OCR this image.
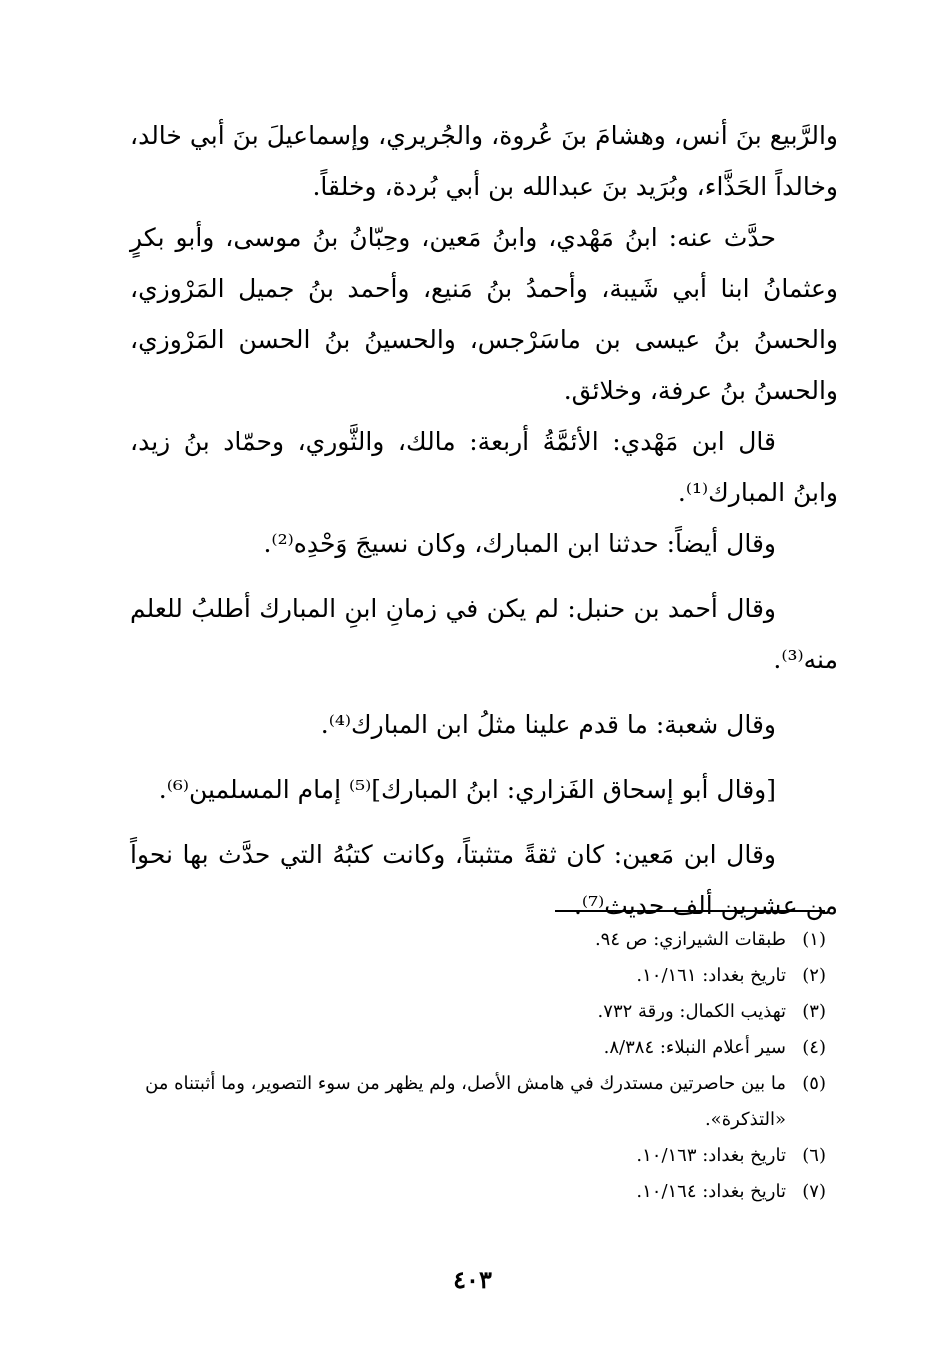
والرَّبيع بنَ أنس، وهشامَ بنَ عُروة، والجُريري، وإسماعيلَ بنَ أبي خالد، وخالداً الحَذَّاء، وبُرَيد بنَ عبدالله بن أبي بُردة، وخلقاً.

حدَّث عنه: ابنُ مَهْدي، وابنُ مَعين، وحِبّانُ بنُ موسى، وأبو بكرٍ وعثمانُ ابنا أبي شَيبة، وأحمدُ بنُ مَنيع، وأحمد بنُ جميل المَرْوزي، والحسنُ بنُ عيسى بن ماسَرْجس، والحسينُ بنُ الحسن المَرْوزي، والحسنُ بنُ عرفة، وخلائق.

قال ابن مَهْدي: الأئمَّةُ أربعة: مالك، والثَّوري، وحمّاد بنُ زيد، وابنُ المبارك⁽¹⁾.

وقال أيضاً: حدثنا ابن المبارك، وكان نسيجَ وَحْدِه⁽²⁾.

وقال أحمد بن حنبل: لم يكن في زمانِ ابنِ المبارك أطلبُ للعلم منه⁽³⁾.

وقال شعبة: ما قدم علينا مثلُ ابن المبارك⁽⁴⁾.

[وقال أبو إسحاق الفَزاري: ابنُ المبارك]⁽⁵⁾ إمام المسلمين⁽⁶⁾.

وقال ابن مَعين: كان ثقةً متثبتاً، وكانت كتبُهُ التي حدَّث بها نحواً من عشرين ألف حديث⁽⁷⁾.

(١)
طبقات الشيرازي: ص ٩٤.
(٢)
تاريخ بغداد: ١٠/١٦١.
(٣)
تهذيب الكمال: ورقة ٧٣٢.
(٤)
سير أعلام النبلاء: ٨/٣٨٤.
(٥)
ما بين حاصرتين مستدرك في هامش الأصل، ولم يظهر من سوء التصوير، وما أثبتناه من «التذكرة».
(٦)
تاريخ بغداد: ١٠/١٦٣.
(٧)
تاريخ بغداد: ١٠/١٦٤.
٤٠٣
